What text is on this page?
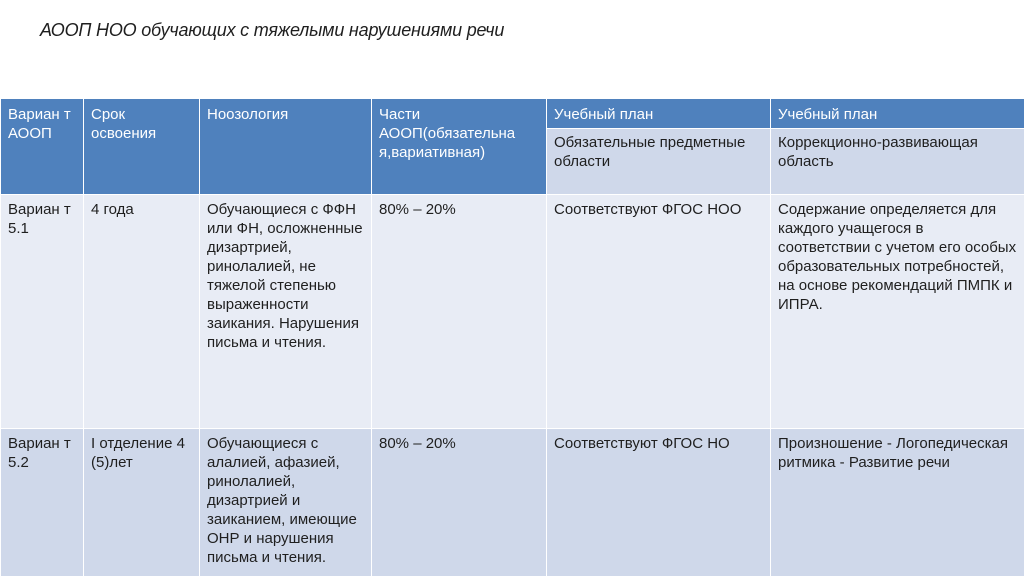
АООП НОО обучающих с тяжелыми нарушениями речи
Вариан т АООП	Срок освоения	Ноозология	Части АООП(обязательна я,вариативная)	Учебный план	Учебный план
				Обязательные предметные области	Коррекционно-развивающая область
Вариан т 5.1	4 года	Обучающиеся с ФФН или ФН, осложненные дизартрией, ринолалией, не тяжелой степенью выраженности заикания. Нарушения письма и чтения.	80% – 20%	Соответствуют ФГОС НОО	Содержание определяется для каждого учащегося в соответствии с учетом его особых образовательных потребностей, на основе рекомендаций ПМПК и ИПРА.
Вариан т 5.2	I отделение 4 (5)лет	Обучающиеся с алалией, афазией, ринолалией, дизартрией и заиканием, имеющие ОНР и нарушения письма и чтения.	80% – 20%	Соответствуют ФГОС НО	Произношение - Логопедическая ритмика - Развитие речи
